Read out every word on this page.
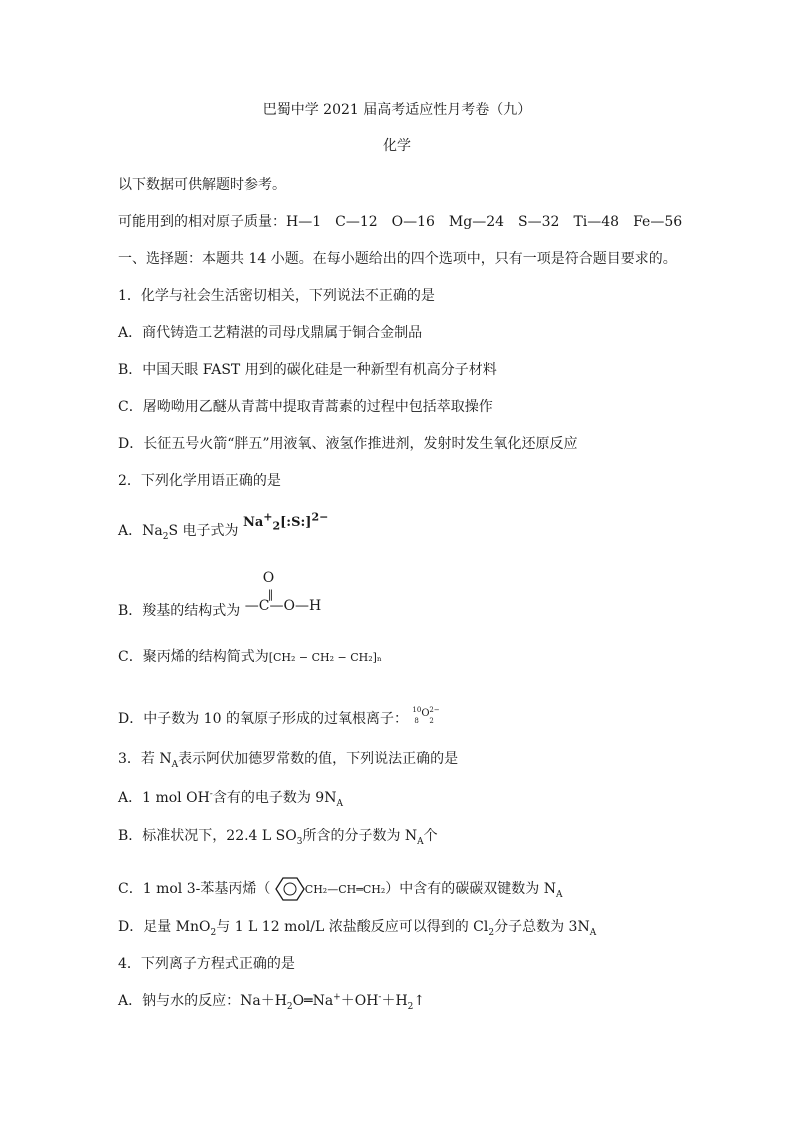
巴蜀中学 2021 届高考适应性月考卷（九）
化学
以下数据可供解题时参考。
可能用到的相对原子质量：H—1　C—12　O—16　Mg—24　S—32　Ti—48　Fe—56
一、选择题：本题共 14 小题。在每小题给出的四个选项中，只有一项是符合题目要求的。
1．化学与社会生活密切相关，下列说法不正确的是
A．商代铸造工艺精湛的司母戊鼎属于铜合金制品
B．中国天眼 FAST 用到的碳化硅是一种新型有机高分子材料
C．屠呦呦用乙醚从青蒿中提取青蒿素的过程中包括萃取操作
D．长征五号火箭“胖五”用液氧、液氢作推进剂，发射时发生氧化还原反应
2．下列化学用语正确的是
A．$Na_2S$ 电子式为 $Na^+_2[:S:]^{2-}$
B．羧基的结构式为
O
‖
—C—O—H
C．聚丙烯的结构简式为[CH₂ − CH₂ − CH₂]ₙ
D．中子数为 10 的氧原子形成的过氧根离子：
10
8
O
2
2−
3．若 $N_A$表示阿伏加德罗常数的值，下列说法正确的是
A．1 mol OH-含有的电子数为 $9N_A$
B．标准状况下，22.4 L $SO_3$所含的分子数为 $N_A$个
C．1 mol 3-苯基丙烯（	CH₂—CH═CH₂）中含有的碳碳双键数为 $N_A$
D．足量 MnO$_2$与 1 L 12 mol/L 浓盐酸反应可以得到的 $Cl_2$分子总数为 $3N_A$
4．下列离子方程式正确的是
A．钠与水的反应：$Na+H_2O═Na^++OH^-+H_2↑$
